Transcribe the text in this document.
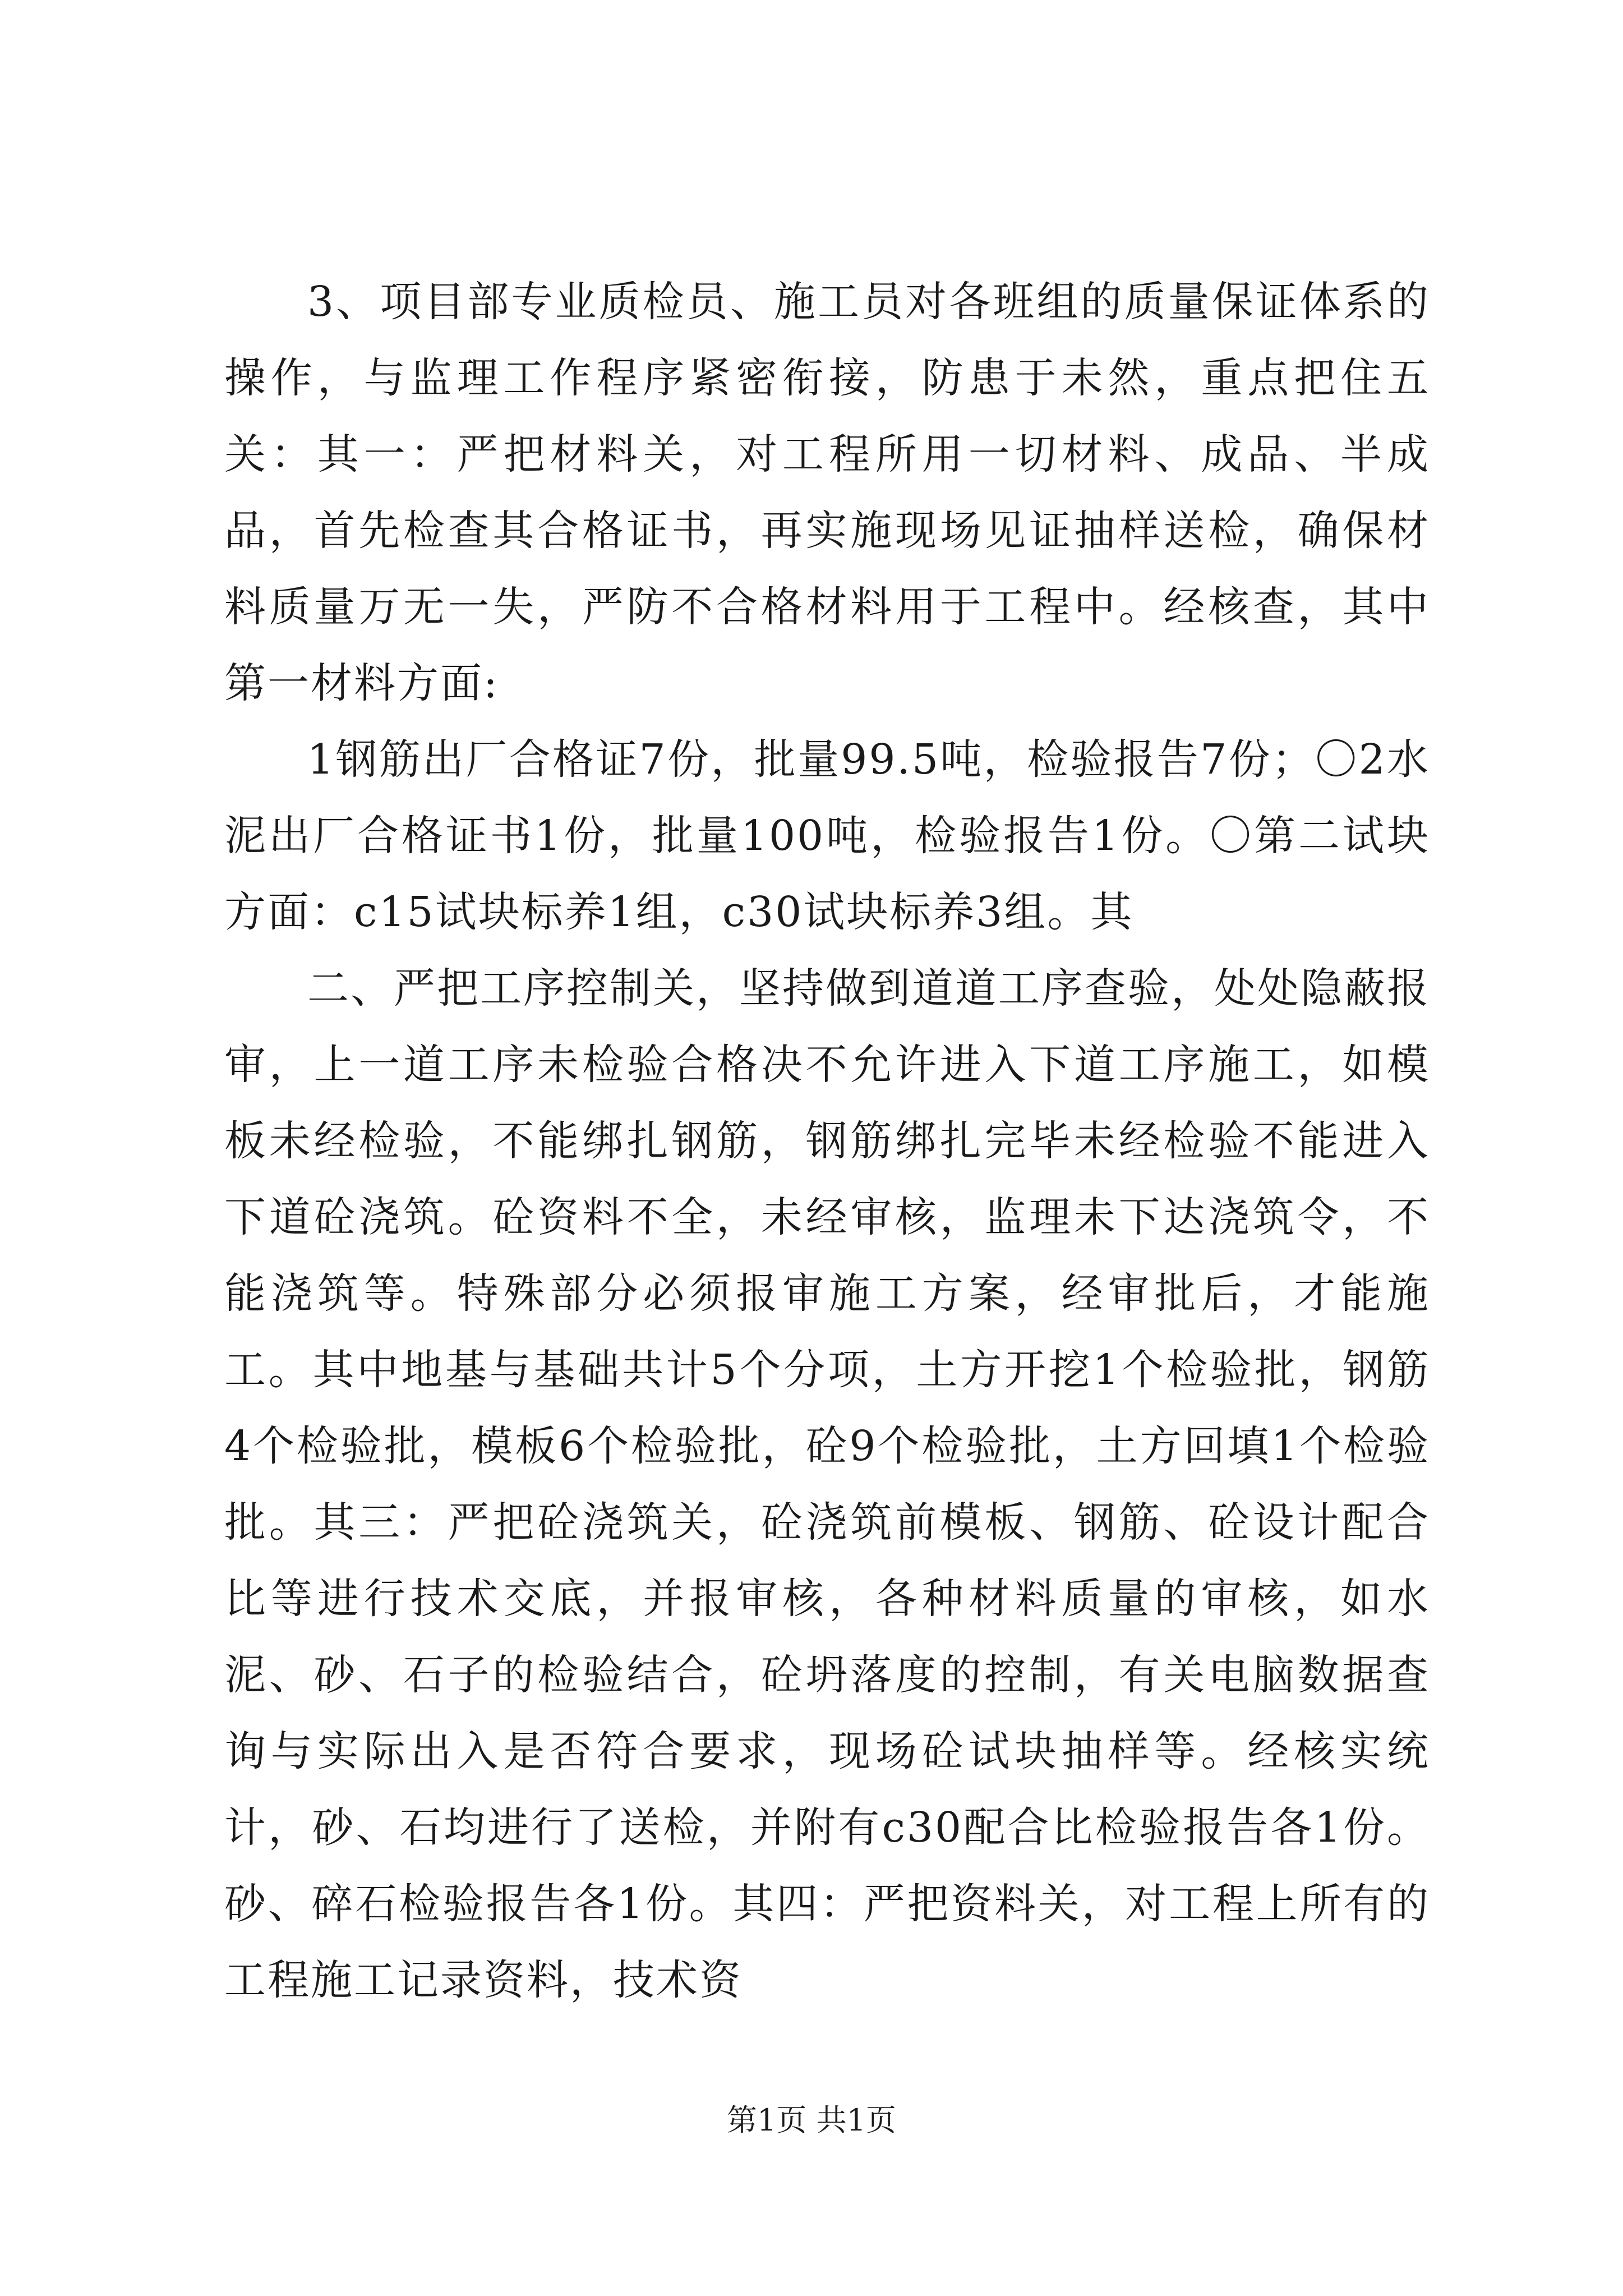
3、项目部专业质检员、施工员对各班组的质量保证体系的操作，与监理工作程序紧密衔接，防患于未然，重点把住五关：其一：严把材料关，对工程所用一切材料、成品、半成品，首先检查其合格证书，再实施现场见证抽样送检，确保材料质量万无一失，严防不合格材料用于工程中。经核查，其中第一材料方面:

1钢筋出厂合格证7份，批量99.5吨，检验报告7份；〇2水泥出厂合格证书1份，批量100吨，检验报告1份。〇第二试块方面：c15试块标养1组，c30试块标养3组。其

二、严把工序控制关，坚持做到道道工序查验，处处隐蔽报审，上一道工序未检验合格决不允许进入下道工序施工，如模板未经检验，不能绑扎钢筋，钢筋绑扎完毕未经检验不能进入下道砼浇筑。砼资料不全，未经审核，监理未下达浇筑令，不能浇筑等。特殊部分必须报审施工方案，经审批后，才能施工。其中地基与基础共计5个分项，土方开挖1个检验批，钢筋4个检验批，模板6个检验批，砼9个检验批，土方回填1个检验批。其三：严把砼浇筑关，砼浇筑前模板、钢筋、砼设计配合比等进行技术交底，并报审核，各种材料质量的审核，如水泥、砂、石子的检验结合，砼坍落度的控制，有关电脑数据查询与实际出入是否符合要求，现场砼试块抽样等。经核实统计，砂、石均进行了送检，并附有c30配合比检验报告各1份。砂、碎石检验报告各1份。其四：严把资料关，对工程上所有的工程施工记录资料，技术资

第1页 共1页
